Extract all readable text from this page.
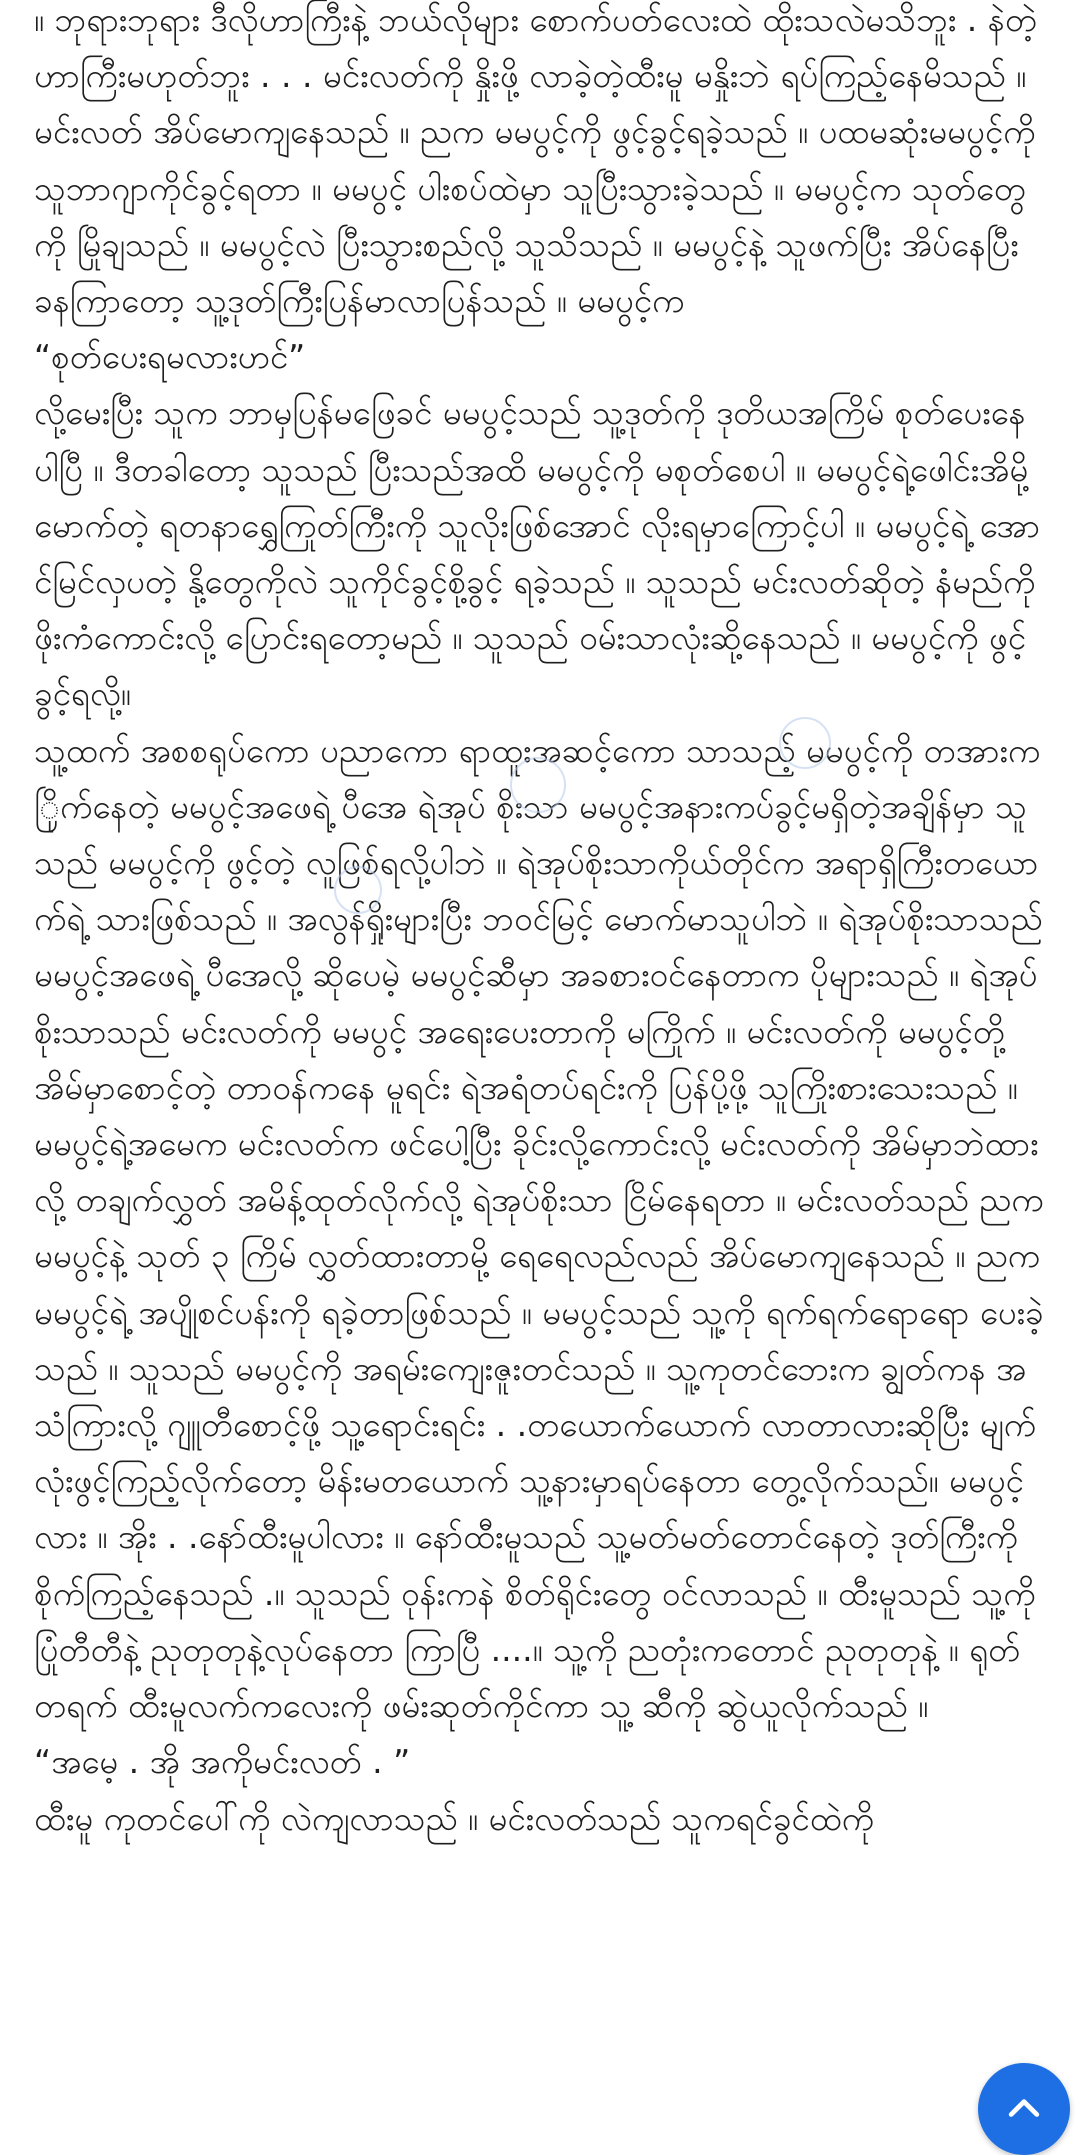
။ ဘုရားဘုရား ဒီလိုဟာကြီးနဲ့ ဘယ်လိုများ စောက်ပတ်လေးထဲ ထိုးသလဲမသိဘူး . နဲတဲ့ဟာကြီးမဟုတ်ဘူး . . . မင်းလတ်ကို နှိုးဖို့ လာခဲ့တဲ့ထီးမူ မနှိုးဘဲ ရပ်ကြည့်နေမိသည် ။ မင်းလတ် အိပ်မောကျနေသည် ။ ညက မမပွင့်ကို ဖွင့်ခွင့်ရခဲ့သည် ။ ပထမဆုံးမမပွင့်ကို သူဘာဂျာကိုင်ခွင့်ရတာ ။ မမပွင့် ပါးစပ်ထဲမှာ သူပြီးသွားခဲ့သည် ။ မမပွင့်က သုတ်တွေကို မြိုချသည် ။ မမပွင့်လဲ ပြီးသွားစည်လို့ သူသိသည် ။ မမပွင့်နဲ့ သူဖက်ပြီး အိပ်နေပြီး ခနကြာတော့ သူ့ဒုတ်ကြီးပြန်မာလာပြန်သည် ။ မမပွင့်က

“စုတ်ပေးရမလားဟင်”

လို့မေးပြီး သူက ဘာမှပြန်မဖြေခင် မမပွင့်သည် သူ့ဒုတ်ကို ဒုတိယအကြိမ် စုတ်ပေးနေပါပြီ ။ ဒီတခါတော့ သူသည် ပြီးသည်အထိ မမပွင့်ကို မစုတ်စေပါ ။ မမပွင့်ရဲ့ဖေါင်းအိမို့မောက်တဲ့ ရတနာရွှေကြုတ်ကြီးကို သူလိုးဖြစ်အောင် လိုးရမှာကြောင့်ပါ ။ မမပွင့်ရဲ့ အောင်မြင်လှပတဲ့ နို့တွေကိုလဲ သူကိုင်ခွင့်စို့ခွင့် ရခဲ့သည် ။ သူသည် မင်းလတ်ဆိုတဲ့ နံမည်ကို ဖိုးကံကောင်းလို့ ပြောင်းရတော့မည် ။ သူသည် ဝမ်းသာလုံးဆို့နေသည် ။ မမပွင့်ကို ဖွင့်ခွင့်ရလို့။

သူ့ထက် အစစရုပ်ကော ပညာကော ရာထူးအဆင့်ကော သာသည့် မမပွင့်ကို တအားကြိုက်နေတဲ့ မမပွင့်အဖေရဲ့ ပီအေ ရဲအုပ် စိုးသာ မမပွင့်အနားကပ်ခွင့်မရှိတဲ့အချိန်မှာ သူသည် မမပွင့်ကို ဖွင့်တဲ့ လူဖြစ်ရလို့ပါဘဲ ။ ရဲအုပ်စိုးသာကိုယ်တိုင်က အရာရှိကြီးတယောက်ရဲ့ သားဖြစ်သည် ။ အလွန်ရှိုးများပြီး ဘဝင်မြင့် မောက်မာသူပါဘဲ ။ ရဲအုပ်စိုးသာသည် မမပွင့်အဖေရဲ့ ပီအေလို့ ဆိုပေမဲ့ မမပွင့်ဆီမှာ အခစားဝင်နေတာက ပိုများသည် ။ ရဲအုပ်စိုးသာသည် မင်းလတ်ကို မမပွင့် အရေးပေးတာကို မကြိုက် ။ မင်းလတ်ကို မမပွင့်တို့ အိမ်မှာစောင့်တဲ့ တာဝန်ကနေ မူရင်း ရဲအရံတပ်ရင်းကို ပြန်ပို့ဖို့ သူကြိုးစားသေးသည် ။ မမပွင့်ရဲ့အမေက မင်းလတ်က ဖင်ပေါ့ပြီး ခိုင်းလို့ကောင်းလို့ မင်းလတ်ကို အိမ်မှာဘဲထားလို့ တချက်လွှတ် အမိန့်ထုတ်လိုက်လို့ ရဲအုပ်စိုးသာ ငြိမ်နေရတာ ။ မင်းလတ်သည် ညက မမပွင့်နဲ့ သုတ် ၃ ကြိမ် လွှတ်ထားတာမို့ ရေရေလည်လည် အိပ်မောကျနေသည် ။ ညက မမပွင့်ရဲ့ အပျိုစင်ပန်းကို ရခဲ့တာဖြစ်သည် ။ မမပွင့်သည် သူ့ကို ရက်ရက်ရောရော ပေးခဲ့သည် ။ သူသည် မမပွင့်ကို အရမ်းကျေးဇူးတင်သည် ။ သူ့ကုတင်ဘေးက ချွတ်ကန အသံကြားလို့ ဂျူတီစောင့်ဖို့ သူ့ရောင်းရင်း . .တယောက်ယောက် လာတာလားဆိုပြီး မျက်လုံးဖွင့်ကြည့်လိုက်တော့ မိန်းမတယောက် သူ့နားမှာရပ်နေတာ တွေ့လိုက်သည်။ မမပွင့်လား ။ အိုး . .နော်ထီးမူပါလား ။ နော်ထီးမူသည် သူ့မတ်မတ်တောင်နေတဲ့ ဒုတ်ကြီးကို စိုက်ကြည့်နေသည် .။ သူသည် ဝုန်းကနဲ စိတ်ရိုင်းတွေ ဝင်လာသည် ။ ထီးမူသည် သူ့ကို ပြုံတီတီနဲ့ ညုတုတုနဲ့လုပ်နေတာ ကြာပြီ ....။ သူ့ကို ညတုံးကတောင် ညုတုတုနဲ့ ။ ရုတ်တရက် ထီးမူလက်ကလေးကို ဖမ်းဆုတ်ကိုင်ကာ သူ့ ဆီကို ဆွဲယူလိုက်သည် ။

“အမေ့ . အို အကိုမင်းလတ် . ”

ထီးမူ ကုတင်ပေါ်ကို လဲကျလာသည် ။ မင်းလတ်သည် သူကရင်ခွင်ထဲကို
